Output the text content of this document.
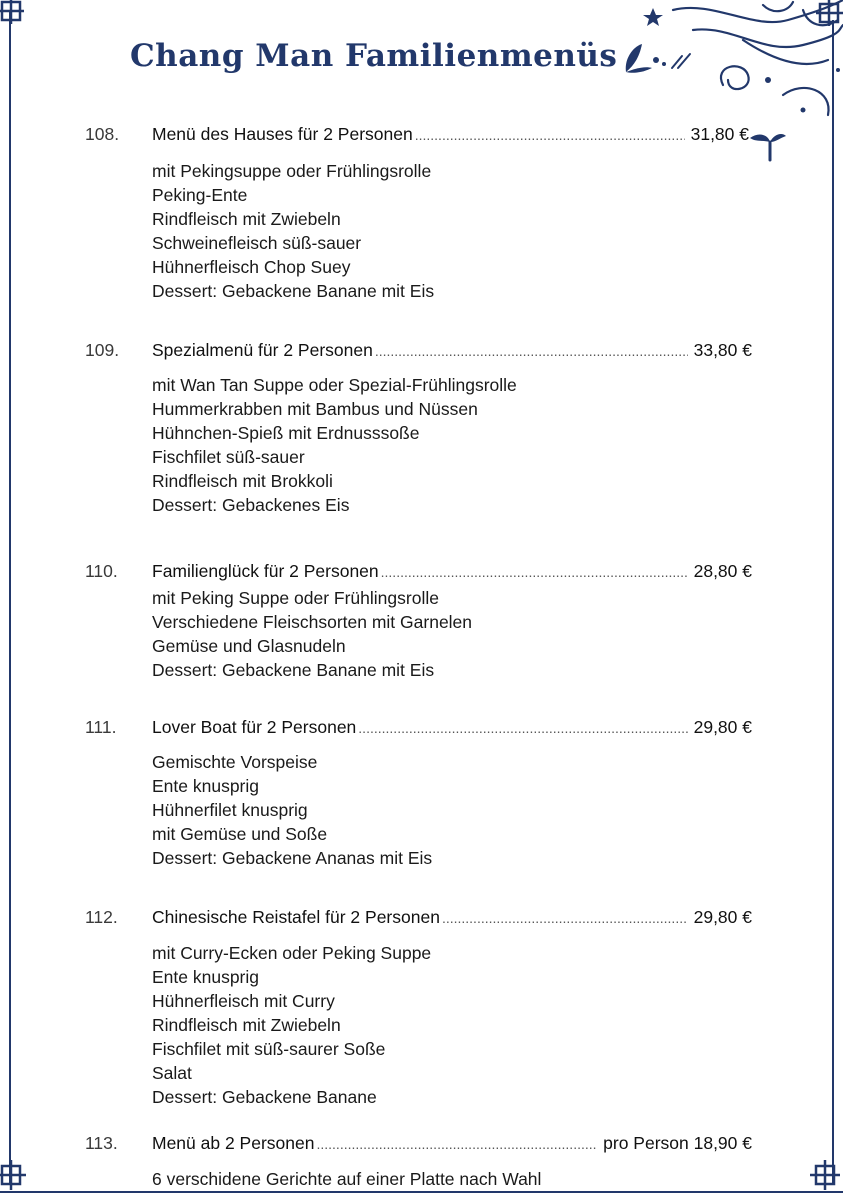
Chang Man Familienmenüs
108. Menü des Hauses für 2 Personen .....	31,80 €
mit Pekingsuppe oder Frühlingsrolle
Peking-Ente
Rindfleisch mit Zwiebeln
Schweinefleisch süß-sauer
Hühnerfleisch Chop Suey
Dessert: Gebackene Banane mit Eis
109. Spezialmenü für 2 Personen .....	33,80 €
mit Wan Tan Suppe oder Spezial-Frühlingsrolle
Hummerkrabben mit Bambus und Nüssen
Hühnchen-Spieß mit Erdnusssoße
Fischfilet süß-sauer
Rindfleisch mit Brokkoli
Dessert: Gebackenes Eis
110. Familienglück für 2 Personen .....	28,80 €
mit Peking Suppe oder Frühlingsrolle
Verschiedene Fleischsorten mit Garnelen
Gemüse und Glasnudeln
Dessert: Gebackene Banane mit Eis
111. Lover Boat für 2 Personen .....	29,80 €
Gemischte Vorspeise
Ente knusprig
Hühnerfilet knusprig
mit Gemüse und Soße
Dessert: Gebackene Ananas mit Eis
112. Chinesische Reistafel für 2 Personen .....	29,80 €
mit Curry-Ecken oder Peking Suppe
Ente knusprig
Hühnerfleisch mit Curry
Rindfleisch mit Zwiebeln
Fischfilet mit süß-saurer Soße
Salat
Dessert: Gebackene Banane
113. Menü ab 2 Personen .....	pro Person 18,90 €
6 verschidene Gerichte auf einer Platte nach Wahl
